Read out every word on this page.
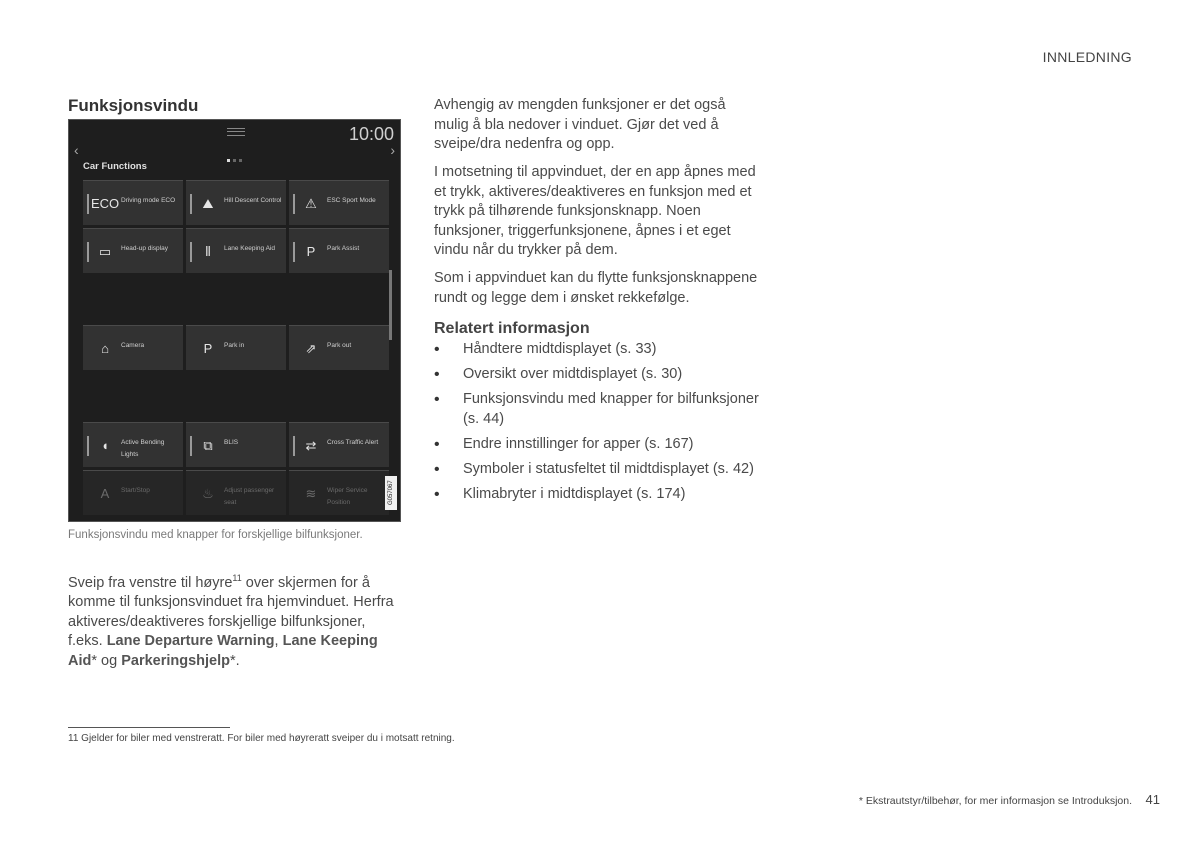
INNLEDNING
Funksjonsvindu
10:00
‹	›
Car Functions
ECO Driving mode ECO	⛰	Hill Descent Control	⚠	ESC Sport Mode
▭	Head-up display	⫴	Lane Keeping Aid	P	Park Assist
⌂	Camera	P	Park in	⇗	Park out
◖	Active Bending Lights
⧉	BLIS	⇄	Cross Traffic Alert
A	Start/Stop	♨	Adjust passenger seat
≋	Wiper Service Position	G057067
Funksjonsvindu med knapper for forskjellige bilfunksjoner.
Sveip fra venstre til høyre$^{11}$ over skjermen for å komme til funksjonsvinduet fra hjemvinduet. Herfra aktiveres/deaktiveres forskjellige bilfunksjoner, f.eks. Lane Departure Warning, Lane Keeping Aid* og Parkeringshjelp*.
Avhengig av mengden funksjoner er det også mulig å bla nedover i vinduet. Gjør det ved å sveipe/dra nedenfra og opp.
I motsetning til appvinduet, der en app åpnes med et trykk, aktiveres/deaktiveres en funksjon med et trykk på tilhørende funksjonsknapp. Noen funksjoner, triggerfunksjonene, åpnes i et eget vindu når du trykker på dem.
Som i appvinduet kan du flytte funksjonsknappene rundt og legge dem i ønsket rekkefølge.
Relatert informasjon
• Håndtere midtdisplayet (s. 33)
• Oversikt over midtdisplayet (s. 30)
• Funksjonsvindu med knapper for bilfunksjoner (s. 44)
• Endre innstillinger for apper (s. 167)
• Symboler i statusfeltet til midtdisplayet (s. 42)
• Klimabryter i midtdisplayet (s. 174)
11 Gjelder for biler med venstreratt. For biler med høyreratt sveiper du i motsatt retning.
* Ekstrautstyr/tilbehør, for mer informasjon se Introduksjon. 41
